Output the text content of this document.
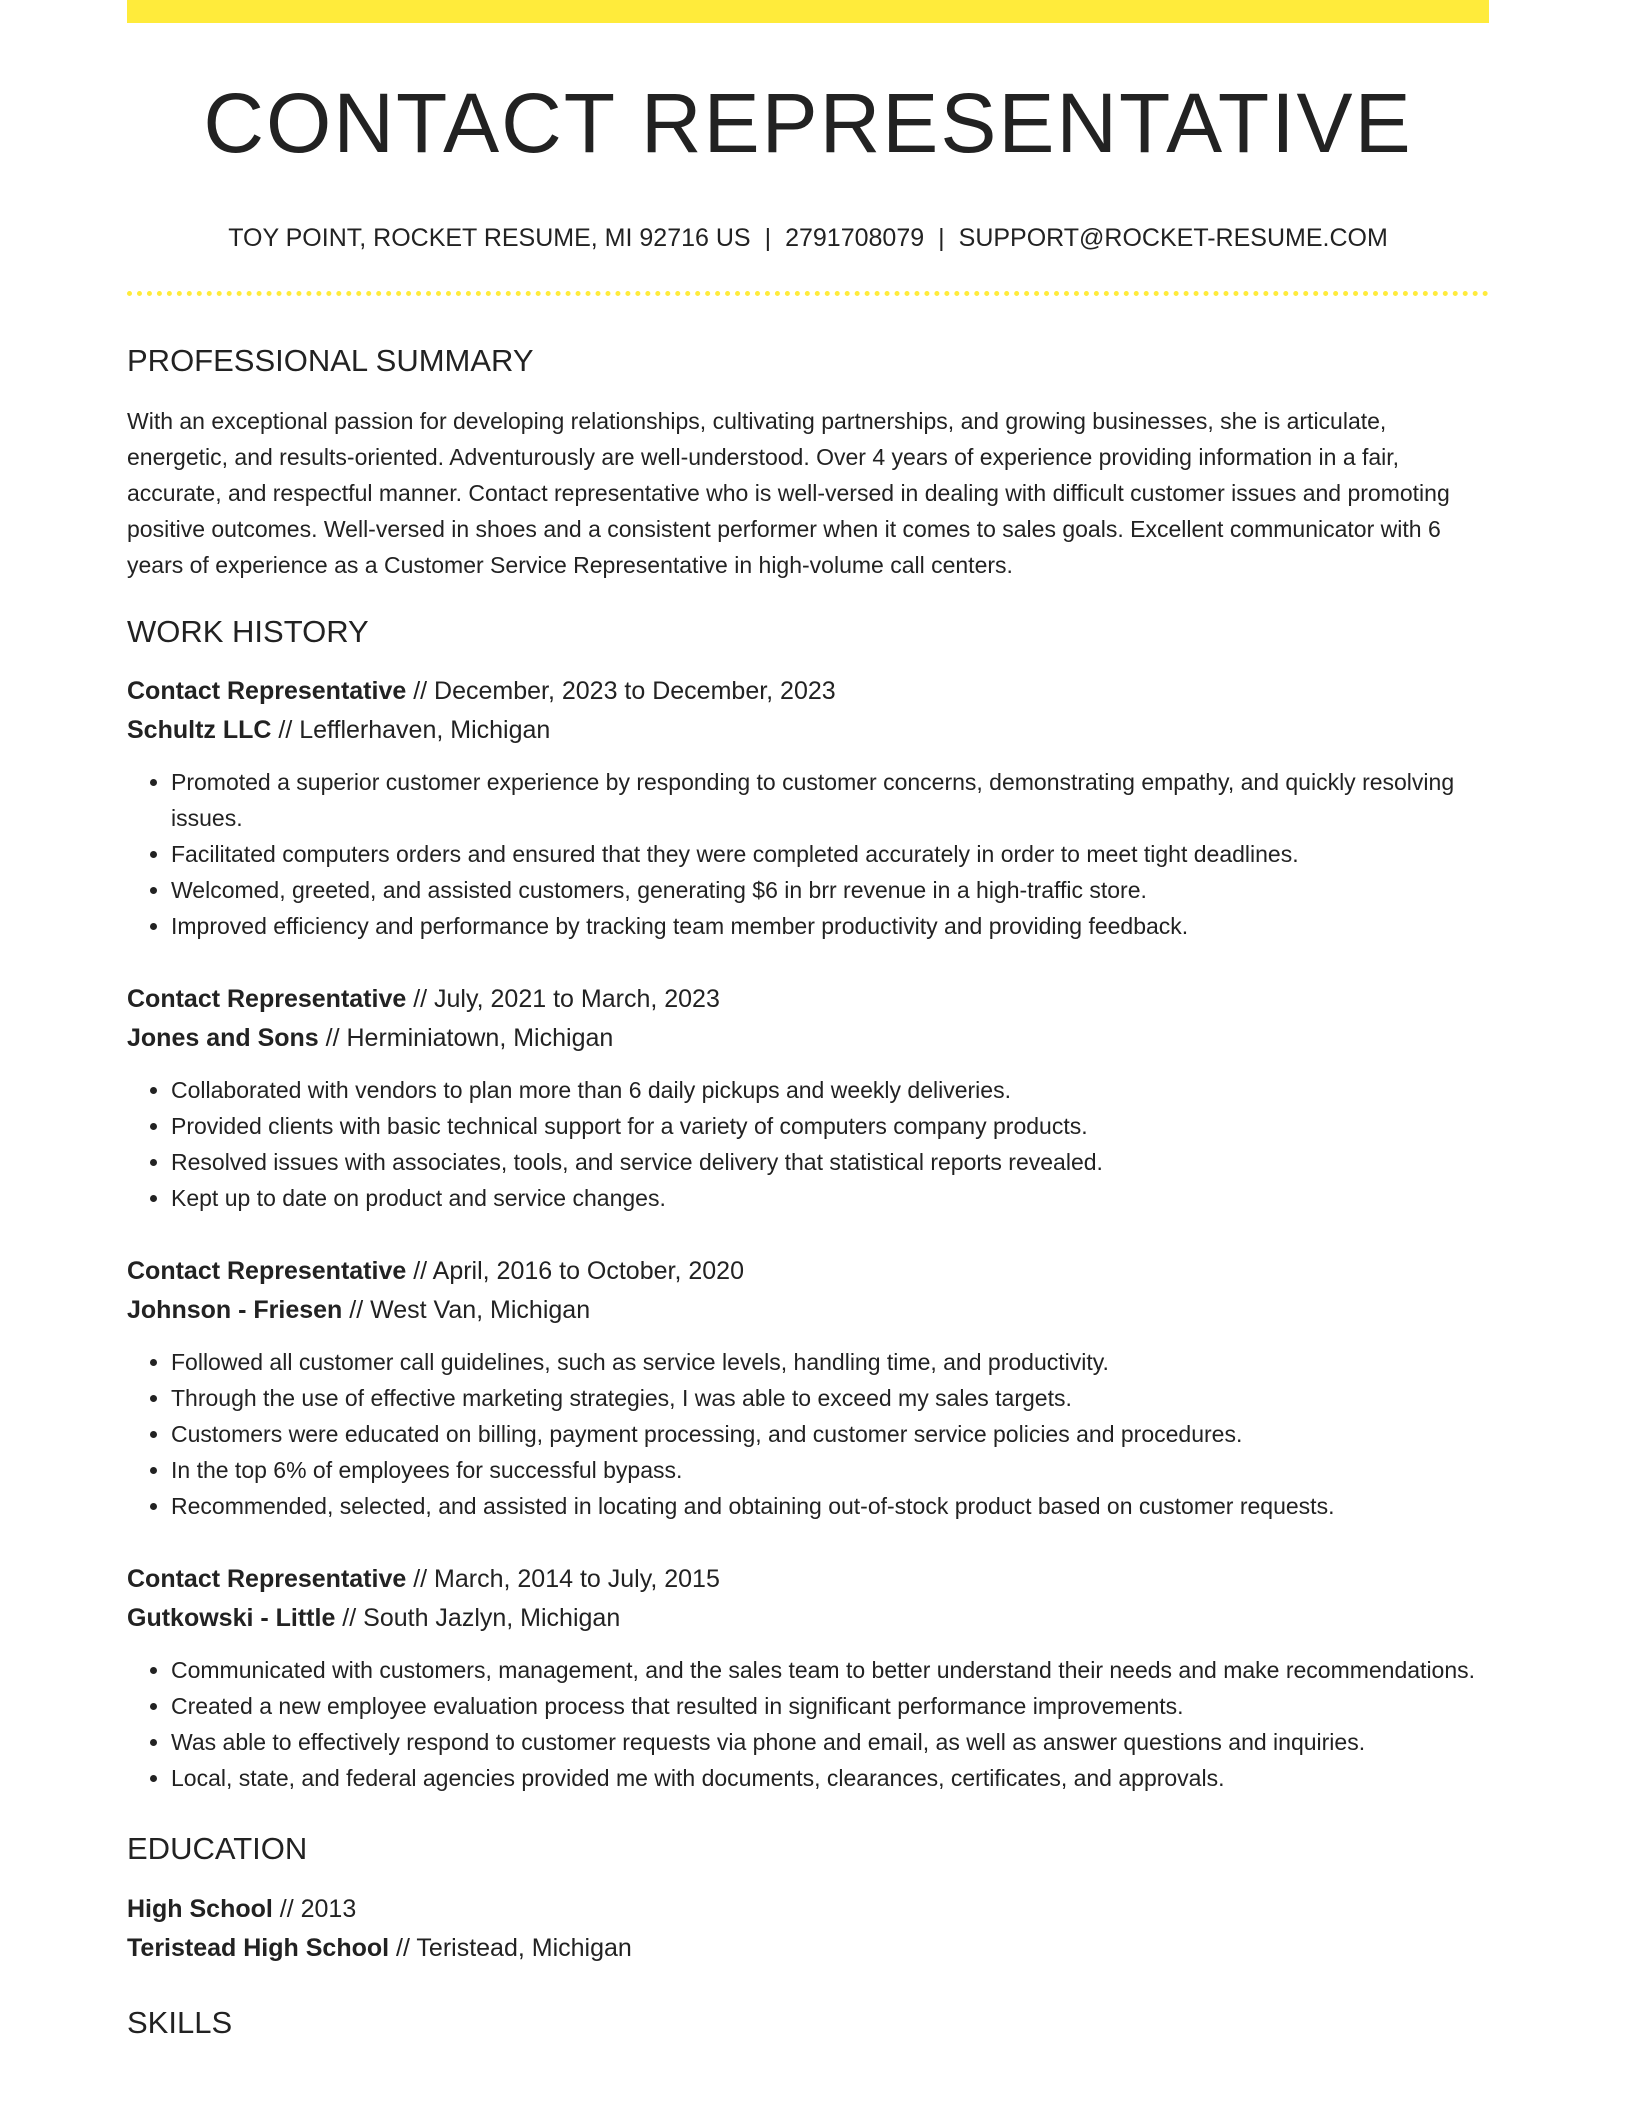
CONTACT REPRESENTATIVE
TOY POINT, ROCKET RESUME, MI 92716 US | 2791708079 | SUPPORT@ROCKET-RESUME.COM
PROFESSIONAL SUMMARY
With an exceptional passion for developing relationships, cultivating partnerships, and growing businesses, she is articulate, energetic, and results-oriented. Adventurously are well-understood. Over 4 years of experience providing information in a fair, accurate, and respectful manner. Contact representative who is well-versed in dealing with difficult customer issues and promoting positive outcomes. Well-versed in shoes and a consistent performer when it comes to sales goals. Excellent communicator with 6 years of experience as a Customer Service Representative in high-volume call centers.
WORK HISTORY
Contact Representative // December, 2023 to December, 2023
Schultz LLC // Lefflerhaven, Michigan
• Promoted a superior customer experience by responding to customer concerns, demonstrating empathy, and quickly resolving issues.
• Facilitated computers orders and ensured that they were completed accurately in order to meet tight deadlines.
• Welcomed, greeted, and assisted customers, generating $6 in brr revenue in a high-traffic store.
• Improved efficiency and performance by tracking team member productivity and providing feedback.
Contact Representative // July, 2021 to March, 2023
Jones and Sons // Herminiatown, Michigan
• Collaborated with vendors to plan more than 6 daily pickups and weekly deliveries.
• Provided clients with basic technical support for a variety of computers company products.
• Resolved issues with associates, tools, and service delivery that statistical reports revealed.
• Kept up to date on product and service changes.
Contact Representative // April, 2016 to October, 2020
Johnson - Friesen // West Van, Michigan
• Followed all customer call guidelines, such as service levels, handling time, and productivity.
• Through the use of effective marketing strategies, I was able to exceed my sales targets.
• Customers were educated on billing, payment processing, and customer service policies and procedures.
• In the top 6% of employees for successful bypass.
• Recommended, selected, and assisted in locating and obtaining out-of-stock product based on customer requests.
Contact Representative // March, 2014 to July, 2015
Gutkowski - Little // South Jazlyn, Michigan
• Communicated with customers, management, and the sales team to better understand their needs and make recommendations.
• Created a new employee evaluation process that resulted in significant performance improvements.
• Was able to effectively respond to customer requests via phone and email, as well as answer questions and inquiries.
• Local, state, and federal agencies provided me with documents, clearances, certificates, and approvals.
EDUCATION
High School // 2013
Teristead High School // Teristead, Michigan
SKILLS
